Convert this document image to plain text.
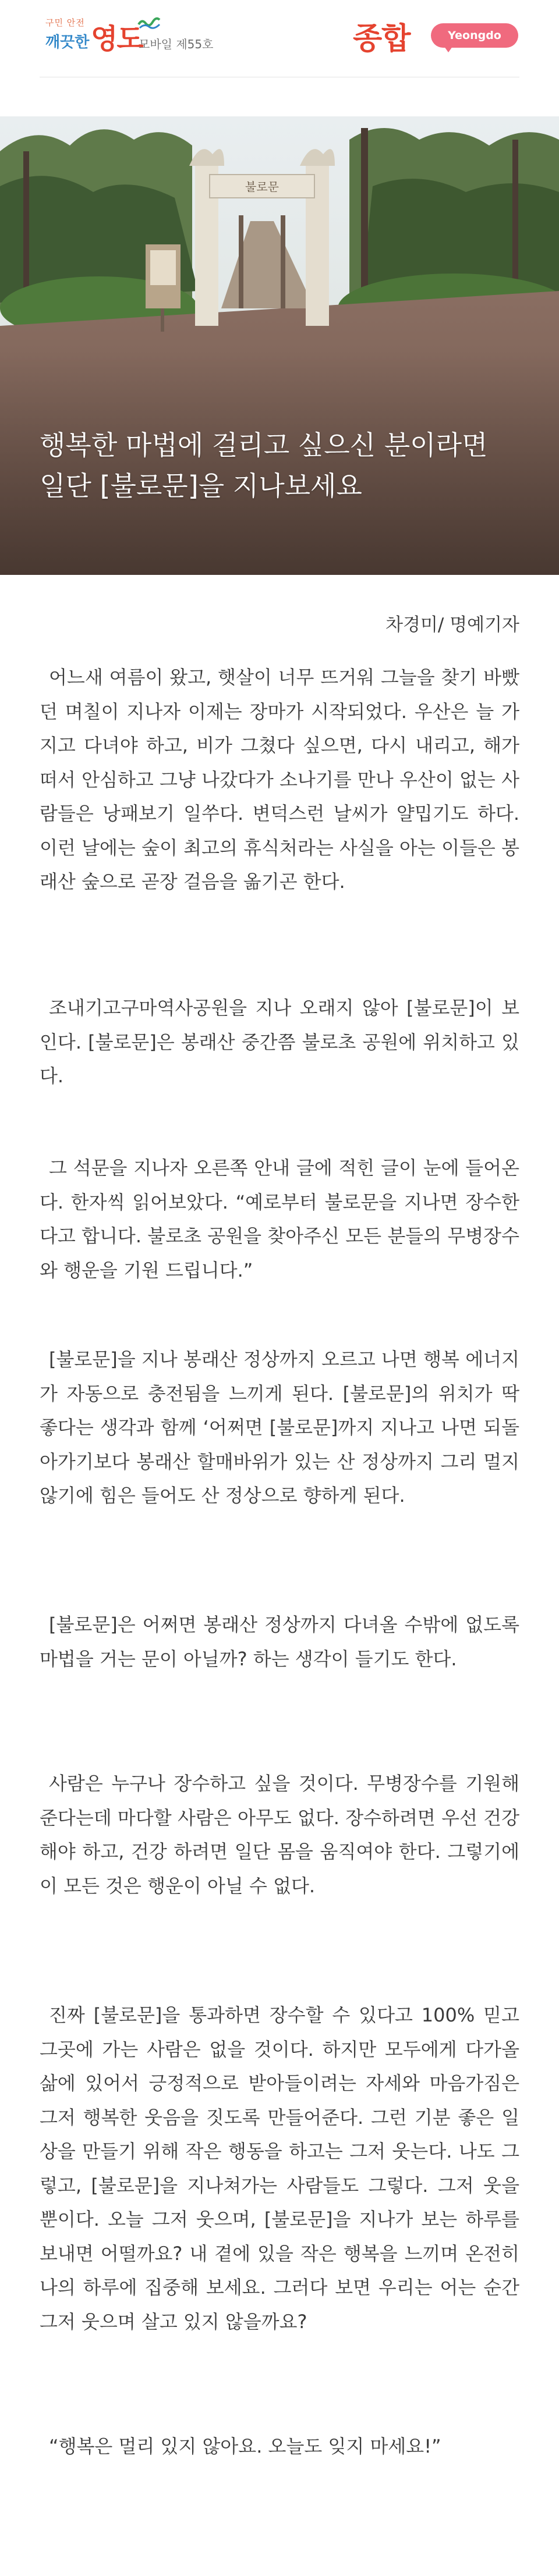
구민 안전
깨끗한 영도
모바일 제55호	종합	Yeongdo NEWS
불로문
행복한 마법에 걸리고 싶으신 분이라면
일단 [불로문]을 지나보세요
차경미/ 명예기자

어느새 여름이 왔고, 햇살이 너무 뜨거워 그늘을 찾기 바빴던 며칠이 지나자 이제는 장마가 시작되었다. 우산은 늘 가지고 다녀야 하고, 비가 그쳤다 싶으면, 다시 내리고, 해가 떠서 안심하고 그냥 나갔다가 소나기를 만나 우산이 없는 사람들은 낭패보기 일쑤다. 변덕스런 날씨가 얄밉기도 하다. 이런 날에는 숲이 최고의 휴식처라는 사실을 아는 이들은 봉래산 숲으로 곧장 걸음을 옮기곤 한다.

조내기고구마역사공원을 지나 오래지 않아 [불로문]이 보인다. [불로문]은 봉래산 중간쯤 불로초 공원에 위치하고 있다.

그 석문을 지나자 오른쪽 안내 글에 적힌 글이 눈에 들어온다. 한자씩 읽어보았다. “예로부터 불로문을 지나면 장수한다고 합니다. 불로초 공원을 찾아주신 모든 분들의 무병장수와 행운을 기원 드립니다.”

[불로문]을 지나 봉래산 정상까지 오르고 나면 행복 에너지가 자동으로 충전됨을 느끼게 된다. [불로문]의 위치가 딱 좋다는 생각과 함께 ‘어쩌면 [불로문]까지 지나고 나면 되돌아가기보다 봉래산 할매바위가 있는 산 정상까지 그리 멀지 않기에 힘은 들어도 산 정상으로 향하게 된다.

[불로문]은 어쩌면 봉래산 정상까지 다녀올 수밖에 없도록 마법을 거는 문이 아닐까? 하는 생각이 들기도 한다.

사람은 누구나 장수하고 싶을 것이다. 무병장수를 기원해준다는데 마다할 사람은 아무도 없다. 장수하려면 우선 건강해야 하고, 건강 하려면 일단 몸을 움직여야 한다. 그렇기에 이 모든 것은 행운이 아닐 수 없다.

진짜 [불로문]을 통과하면 장수할 수 있다고 100% 믿고 그곳에 가는 사람은 없을 것이다. 하지만 모두에게 다가올 삶에 있어서 긍정적으로 받아들이려는 자세와 마음가짐은 그저 행복한 웃음을 짓도록 만들어준다. 그런 기분 좋은 일상을 만들기 위해 작은 행동을 하고는 그저 웃는다. 나도 그렇고, [불로문]을 지나쳐가는 사람들도 그렇다. 그저 웃을 뿐이다. 오늘 그저 웃으며, [불로문]을 지나가 보는 하루를 보내면 어떨까요? 내 곁에 있을 작은 행복을 느끼며 온전히 나의 하루에 집중해 보세요. 그러다 보면 우리는 어는 순간 그저 웃으며 살고 있지 않을까요?

“행복은 멀리 있지 않아요. 오늘도 잊지 마세요!”
